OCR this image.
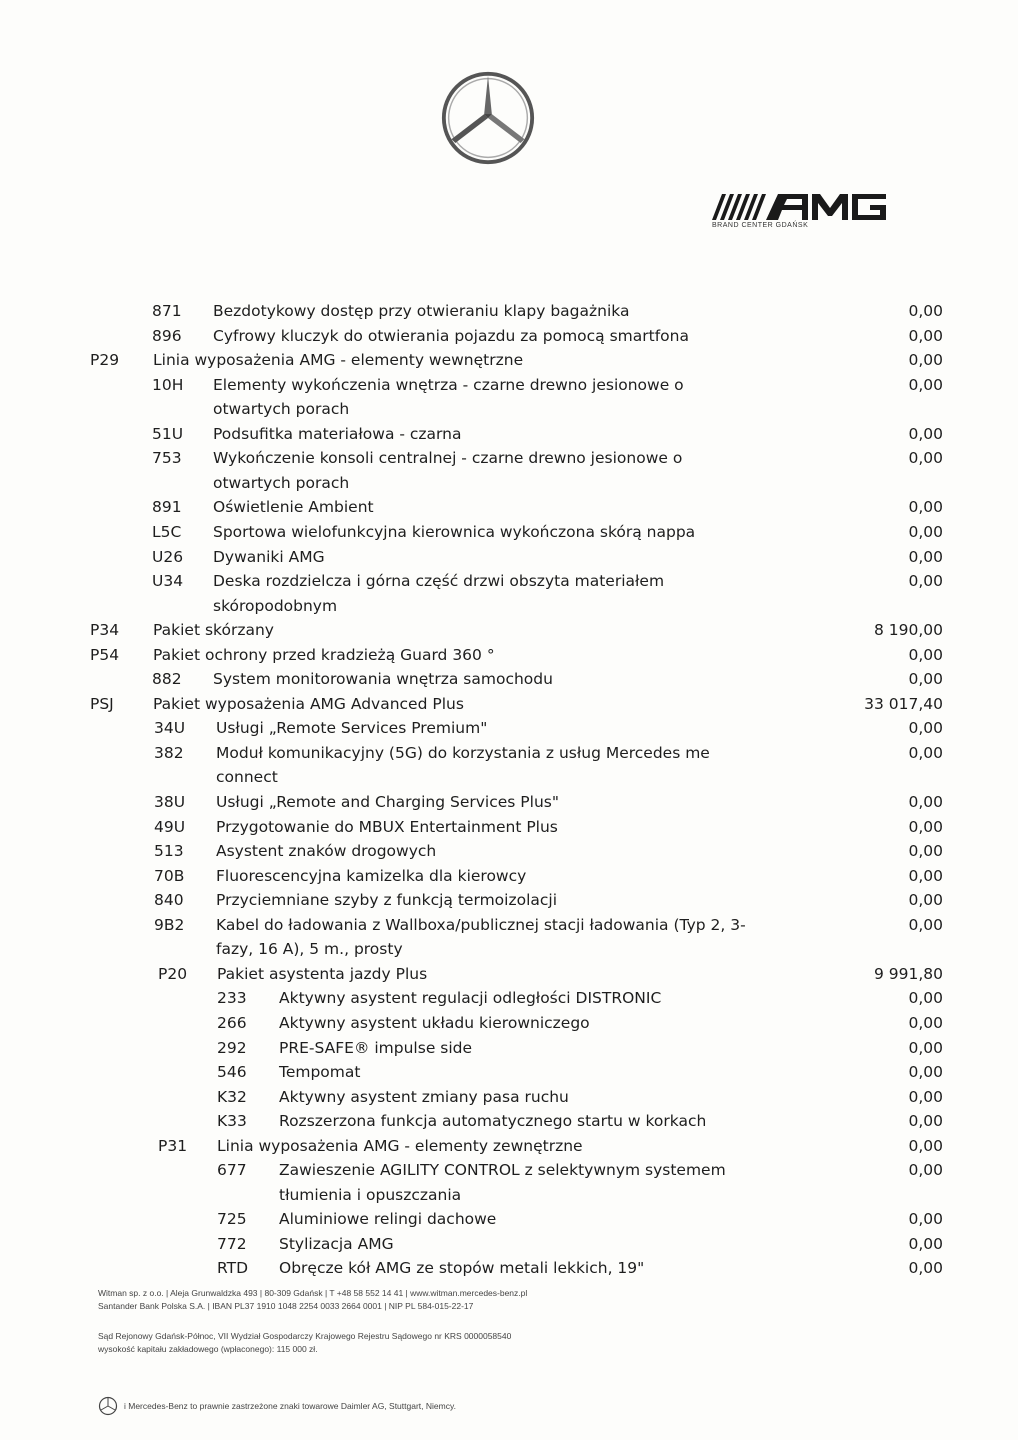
BRAND CENTER GDAŃSK
871 Bezdotykowy dostęp przy otwieraniu klapy bagażnika	0,00
896 Cyfrowy kluczyk do otwierania pojazdu za pomocą smartfona	0,00
P29 Linia wyposażenia AMG - elementy wewnętrzne	0,00
10H Elementy wykończenia wnętrza - czarne drewno jesionowe o	0,00
otwartych porach
51U Podsufitka materiałowa - czarna	0,00
753 Wykończenie konsoli centralnej - czarne drewno jesionowe o	0,00
otwartych porach
891 Oświetlenie Ambient	0,00
L5C Sportowa wielofunkcyjna kierownica wykończona skórą nappa	0,00
U26 Dywaniki AMG	0,00
U34 Deska rozdzielcza i górna część drzwi obszyta materiałem	0,00
skóropodobnym
P34 Pakiet skórzany	8 190,00
P54 Pakiet ochrony przed kradzieżą Guard 360 °	0,00
882 System monitorowania wnętrza samochodu	0,00
PSJ	Pakiet wyposażenia AMG Advanced Plus	33 017,40
34U Usługi „Remote Services Premium"	0,00
382 Moduł komunikacyjny (5G) do korzystania z usług Mercedes me	0,00
connect
38U Usługi „Remote and Charging Services Plus"	0,00
49U Przygotowanie do MBUX Entertainment Plus	0,00
513 Asystent znaków drogowych	0,00
70B Fluorescencyjna kamizelka dla kierowcy	0,00
840 Przyciemniane szyby z funkcją termoizolacji	0,00
9B2 Kabel do ładowania z Wallboxa/publicznej stacji ładowania (Typ 2, 3-	0,00
fazy, 16 A), 5 m., prosty
P20 Pakiet asystenta jazdy Plus	9 991,80
233 Aktywny asystent regulacji odległości DISTRONIC	0,00
266 Aktywny asystent układu kierowniczego	0,00
292 PRE-SAFE® impulse side	0,00
546 Tempomat	0,00
K32 Aktywny asystent zmiany pasa ruchu	0,00
K33 Rozszerzona funkcja automatycznego startu w korkach	0,00
P31 Linia wyposażenia AMG - elementy zewnętrzne	0,00
677 Zawieszenie AGILITY CONTROL z selektywnym systemem	0,00
tłumienia i opuszczania
725 Aluminiowe relingi dachowe	0,00
772 Stylizacja AMG	0,00
RTD Obręcze kół AMG ze stopów metali lekkich, 19"	0,00
Witman sp. z o.o. | Aleja Grunwaldzka 493 | 80-309 Gdańsk | T +48 58 552 14 41 | www.witman.mercedes-benz.pl
Santander Bank Polska S.A. | IBAN PL37 1910 1048 2254 0033 2664 0001 | NIP PL 584-015-22-17
Sąd Rejonowy Gdańsk-Północ, VII Wydział Gospodarczy Krajowego Rejestru Sądowego nr KRS 0000058540
wysokość kapitału zakładowego (wpłaconego): 115 000 zł.
i Mercedes-Benz to prawnie zastrzeżone znaki towarowe Daimler AG, Stuttgart, Niemcy.
